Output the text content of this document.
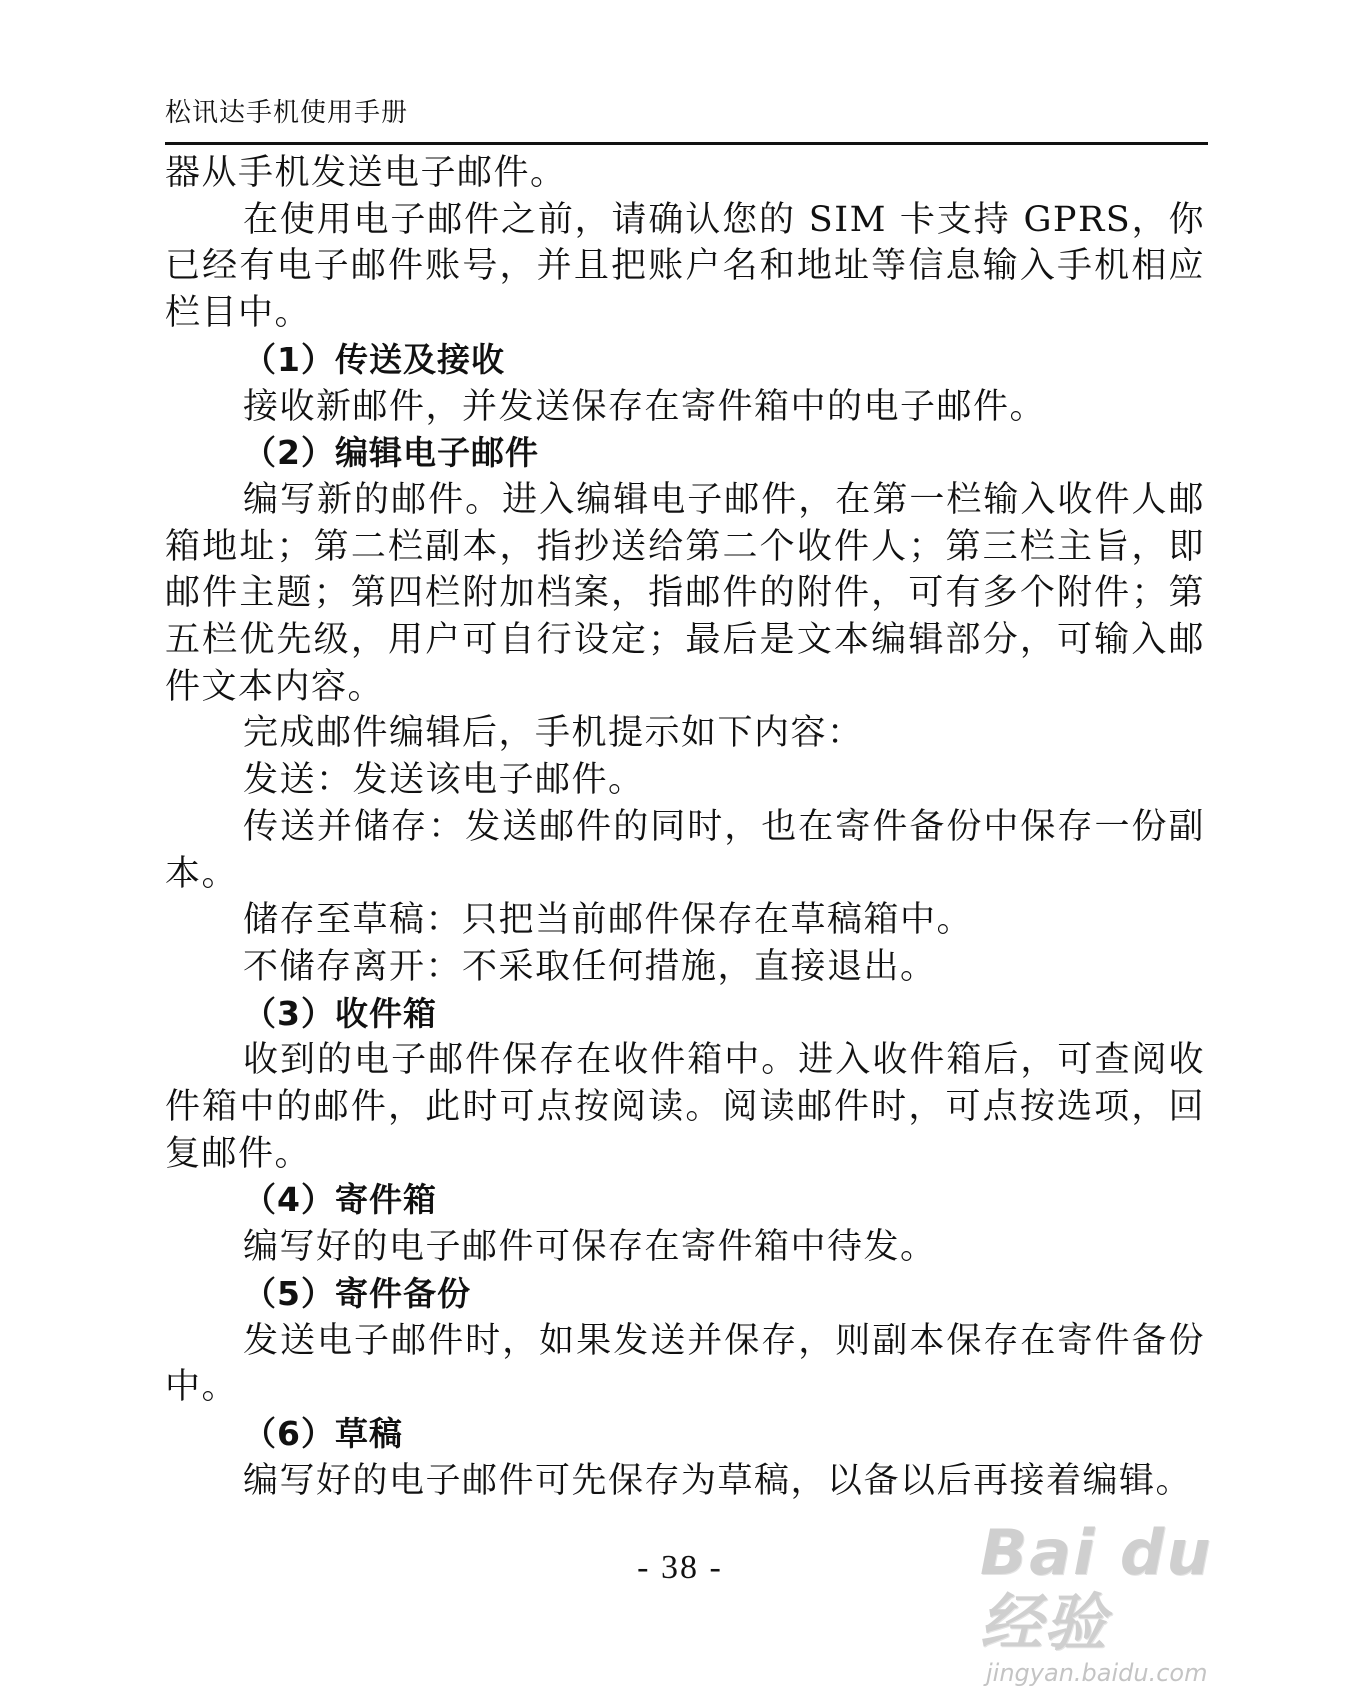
松讯达手机使用手册

器从手机发送电子邮件。

在使用电子邮件之前，请确认您的 SIM 卡支持 GPRS，你已经有电子邮件账号，并且把账户名和地址等信息输入手机相应栏目中。

（1）传送及接收

接收新邮件，并发送保存在寄件箱中的电子邮件。

（2）编辑电子邮件

编写新的邮件。进入编辑电子邮件，在第一栏输入收件人邮箱地址；第二栏副本，指抄送给第二个收件人；第三栏主旨，即邮件主题；第四栏附加档案，指邮件的附件，可有多个附件；第五栏优先级，用户可自行设定；最后是文本编辑部分，可输入邮件文本内容。

完成邮件编辑后，手机提示如下内容：

发送：发送该电子邮件。

传送并储存：发送邮件的同时，也在寄件备份中保存一份副本。

储存至草稿：只把当前邮件保存在草稿箱中。

不储存离开：不采取任何措施，直接退出。

（3）收件箱

收到的电子邮件保存在收件箱中。进入收件箱后，可查阅收件箱中的邮件，此时可点按阅读。阅读邮件时，可点按选项，回复邮件。

（4）寄件箱

编写好的电子邮件可保存在寄件箱中待发。

（5）寄件备份

发送电子邮件时，如果发送并保存，则副本保存在寄件备份中。

（6）草稿

编写好的电子邮件可先保存为草稿，以备以后再接着编辑。

- 38 -	Bai du 经验
jingyan.baidu.com
